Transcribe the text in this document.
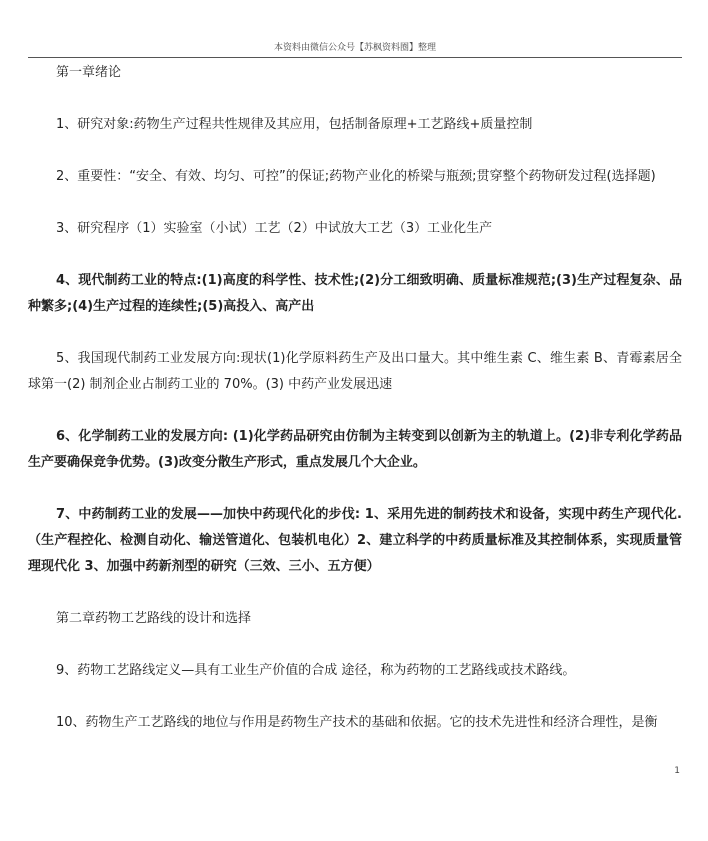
本资料由微信公众号【苏枫资料圈】整理

第一章绪论

1、研究对象:药物生产过程共性规律及其应用，包括制备原理+工艺路线+质量控制

2、重要性：“安全、有效、均匀、可控”的保证;药物产业化的桥梁与瓶颈;贯穿整个药物研发过程(选择题)

3、研究程序（1）实验室（小试）工艺（2）中试放大工艺（3）工业化生产

4、现代制药工业的特点:(1)高度的科学性、技术性;(2)分工细致明确、质量标准规范;(3)生产过程复杂、品种繁多;(4)生产过程的连续性;(5)高投入、高产出

5、我国现代制药工业发展方向:现状(1)化学原料药生产及出口量大。其中维生素 C、维生素 B、青霉素居全球第一(2) 制剂企业占制药工业的 70%。(3) 中药产业发展迅速

6、化学制药工业的发展方向: (1)化学药品研究由仿制为主转变到以创新为主的轨道上。(2)非专利化学药品生产要确保竞争优势。(3)改变分散生产形式，重点发展几个大企业。

7、中药制药工业的发展——加快中药现代化的步伐: 1、采用先进的制药技术和设备，实现中药生产现代化.（生产程控化、检测自动化、输送管道化、包装机电化）2、建立科学的中药质量标准及其控制体系，实现质量管理现代化 3、加强中药新剂型的研究（三效、三小、五方便）

第二章药物工艺路线的设计和选择

9、药物工艺路线定义—具有工业生产价值的合成 途径，称为药物的工艺路线或技术路线。

10、药物生产工艺路线的地位与作用是药物生产技术的基础和依据。它的技术先进性和经济合理性，是衡

1
